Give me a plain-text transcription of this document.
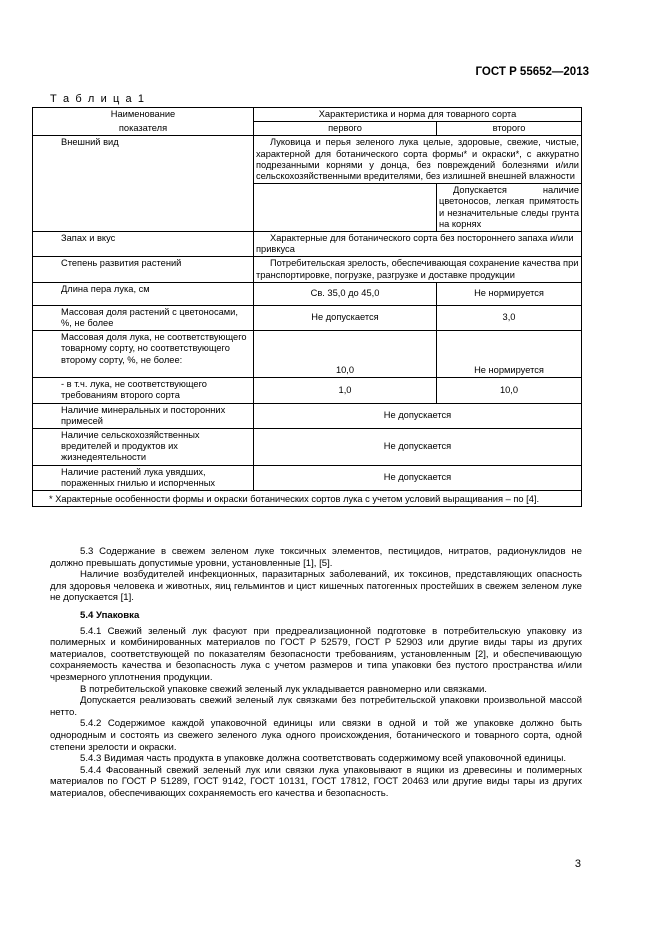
ГОСТ Р 55652—2013
Т а б л и ц а 1
Наименование	Характеристика и норма для товарного сорта	
показателя	первого	второго
Внешний вид	Луковица и перья зеленого лука целые, здоровые, свежие, чистые, характерной для ботанического сорта формы* и окраски*, с аккуратно подрезанными корнями у донца, без повреждений болезнями и/или сельскохозяйственными вредителями, без излишней внешней влажности	
		Допускается наличие цветоносов, легкая примятость и незначительные следы грунта на корнях
Запах и вкус	Характерные для ботанического сорта без постороннего запаха и/или привкуса	
Степень развития растений	Потребительская зрелость, обеспечивающая сохранение качества при транспортировке, погрузке, разгрузке и доставке продукции	
Длина пера лука, см	Св. 35,0 до 45,0	Не нормируется
Массовая доля растений с цветоносами, %, не более	Не допускается	3,0
Массовая доля лука, не соответствующего товарному сорту, но соответствующего второму сорту, %, не более:	10,0	Не нормируется
- в т.ч. лука, не соответствующего требованиям второго сорта	1,0	10,0
Наличие минеральных и посторонних примесей	Не допускается	
Наличие сельскохозяйственных вредителей и продуктов их жизнедеятельности	Не допускается	
Наличие растений лука увядших, пораженных гнилью и испорченных	Не допускается	
* Характерные особенности формы и окраски ботанических сортов лука с учетом условий выращивания – по [4].		

5.3 Содержание в свежем зеленом луке токсичных элементов, пестицидов, нитратов, радионуклидов не должно превышать допустимые уровни, установленные [1], [5].

Наличие возбудителей инфекционных, паразитарных заболеваний, их токсинов, представляющих опасность для здоровья человека и животных, яиц гельминтов и цист кишечных патогенных простейших в свежем зеленом луке не допускается [1].

5.4 Упаковка

5.4.1 Свежий зеленый лук фасуют при предреализационной подготовке в потребительскую упаковку из полимерных и комбинированных материалов по ГОСТ Р 52579, ГОСТ Р 52903 или другие виды тары из других материалов, соответствующей по показателям безопасности требованиям, установленным [2], и обеспечивающую сохраняемость качества и безопасность лука с учетом размеров и типа упаковки без пустого пространства и/или чрезмерного уплотнения продукции.

В потребительской упаковке свежий зеленый лук укладывается равномерно или связками.

Допускается реализовать свежий зеленый лук связками без потребительской упаковки произвольной массой нетто.

5.4.2 Содержимое каждой упаковочной единицы или связки в одной и той же упаковке должно быть однородным и состоять из свежего зеленого лука одного происхождения, ботанического и товарного сорта, одной степени зрелости и окраски.

5.4.3 Видимая часть продукта в упаковке должна соответствовать содержимому всей упаковочной единицы.

5.4.4 Фасованный свежий зеленый лук или связки лука упаковывают в ящики из древесины и полимерных материалов по ГОСТ Р 51289, ГОСТ 9142, ГОСТ 10131, ГОСТ 17812, ГОСТ 20463 или другие виды тары из других материалов, обеспечивающих сохраняемость его качества и безопасность.

3
